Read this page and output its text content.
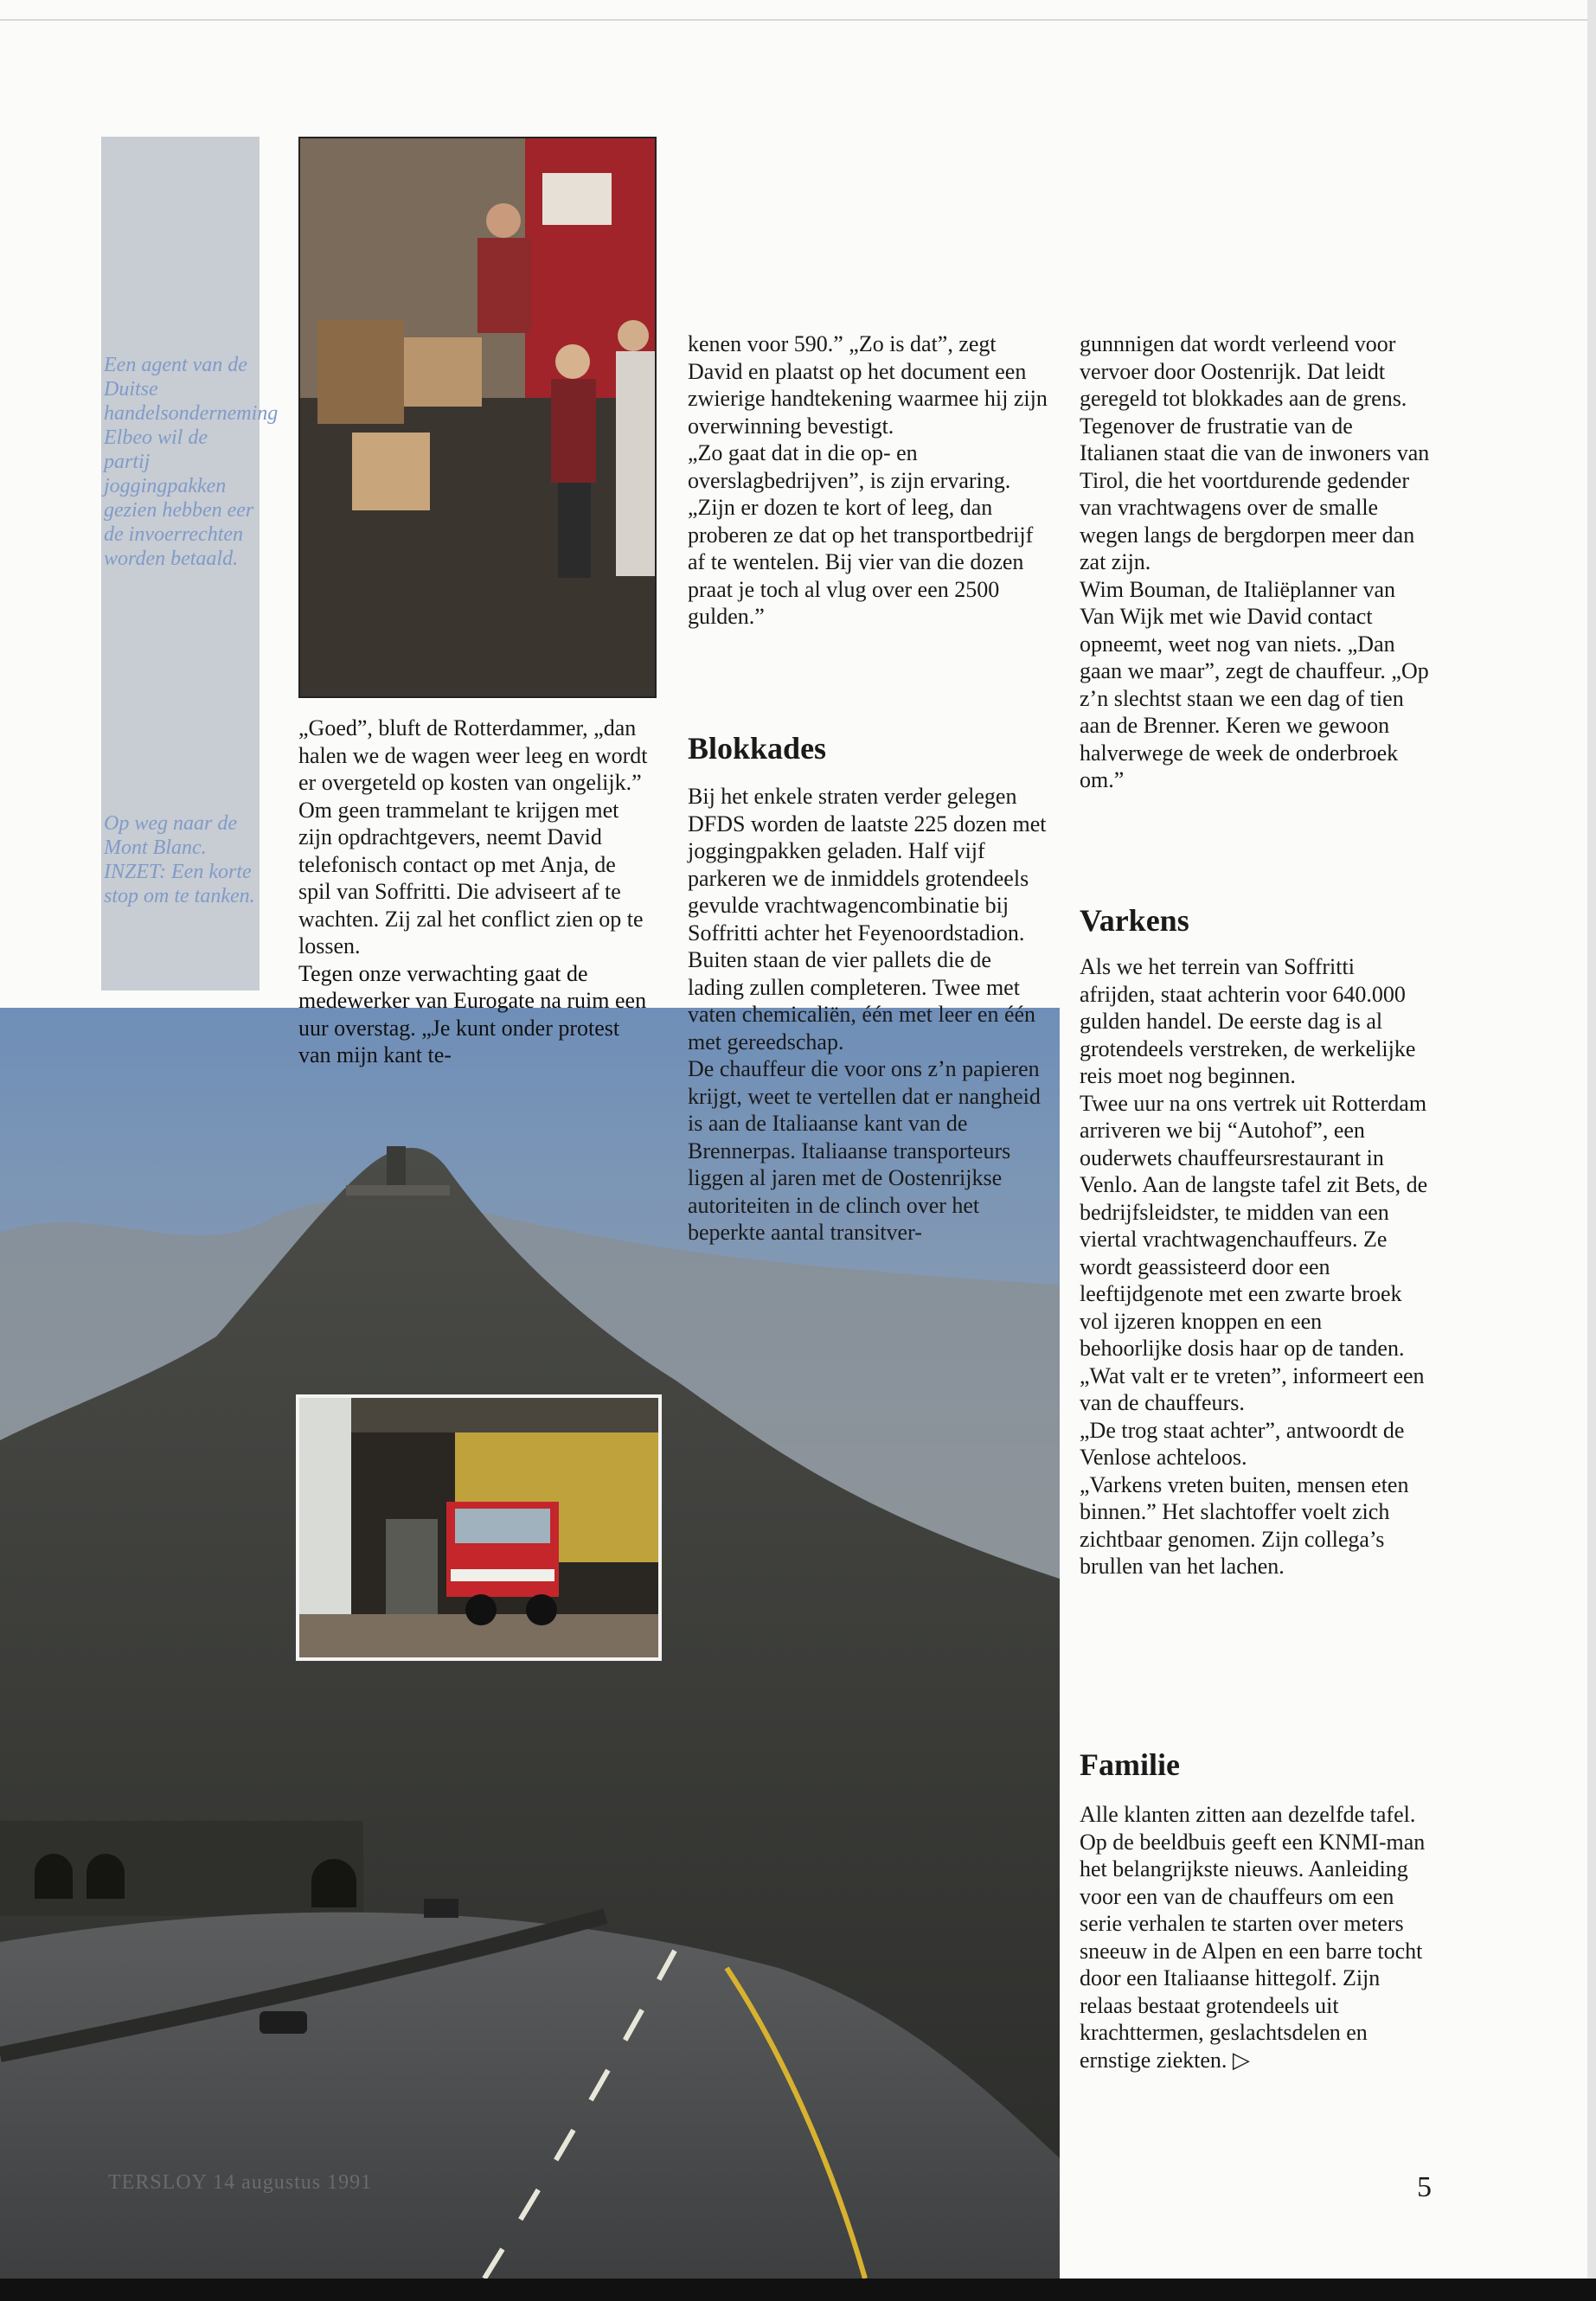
Een agent van de Duitse handelsonderneming Elbeo wil de partij joggingpakken gezien hebben eer de invoerrechten worden betaald.
Op weg naar de Mont Blanc. INZET: Een korte stop om te tanken.

„Goed”, bluft de Rotterdammer, „dan halen we de wagen weer leeg en wordt er overgeteld op kosten van ongelijk.” Om geen trammelant te krijgen met zijn opdrachtgevers, neemt David telefonisch contact op met Anja, de spil van Soffritti. Die adviseert af te wachten. Zij zal het conflict zien op te lossen.

Tegen onze verwachting gaat de medewerker van Eurogate na ruim een uur overstag. „Je kunt onder protest van mijn kant te-

kenen voor 590.” „Zo is dat”, zegt David en plaatst op het document een zwierige handtekening waarmee hij zijn overwinning bevestigt.

„Zo gaat dat in die op- en overslagbedrijven”, is zijn ervaring. „Zijn er dozen te kort of leeg, dan proberen ze dat op het transportbedrijf af te wentelen. Bij vier van die dozen praat je toch al vlug over een 2500 gulden.”

Blokkades

Bij het enkele straten verder gelegen DFDS worden de laatste 225 dozen met joggingpakken geladen. Half vijf parkeren we de inmiddels grotendeels gevulde vrachtwagencombinatie bij Soffritti achter het Feyenoordstadion. Buiten staan de vier pallets die de lading zullen completeren. Twee met vaten chemicaliën, één met leer en één met gereedschap.

De chauffeur die voor ons z’n papieren krijgt, weet te vertellen dat er nangheid is aan de Italiaanse kant van de Brennerpas. Italiaanse transporteurs liggen al jaren met de Oostenrijkse autoriteiten in de clinch over het beperkte aantal transitver-

gunnnigen dat wordt verleend voor vervoer door Oostenrijk. Dat leidt geregeld tot blokkades aan de grens. Tegenover de frustratie van de Italianen staat die van de inwoners van Tirol, die het voortdurende gedender van vrachtwagens over de smalle wegen langs de bergdorpen meer dan zat zijn.

Wim Bouman, de Italiëplanner van Van Wijk met wie David contact opneemt, weet nog van niets. „Dan gaan we maar”, zegt de chauffeur. „Op z’n slechtst staan we een dag of tien aan de Brenner. Keren we gewoon halverwege de week de onderbroek om.”

Varkens

Als we het terrein van Soffritti afrijden, staat achterin voor 640.000 gulden handel. De eerste dag is al grotendeels verstreken, de werkelijke reis moet nog beginnen.

Twee uur na ons vertrek uit Rotterdam arriveren we bij “Autohof”, een ouderwets chauffeursrestaurant in Venlo. Aan de langste tafel zit Bets, de bedrijfsleidster, te midden van een viertal vrachtwagenchauffeurs. Ze wordt geassisteerd door een leeftijdgenote met een zwarte broek vol ijzeren knoppen en een behoorlijke dosis haar op de tanden.

„Wat valt er te vreten”, informeert een van de chauffeurs.

„De trog staat achter”, antwoordt de Venlose achteloos.

„Varkens vreten buiten, mensen eten binnen.” Het slachtoffer voelt zich zichtbaar genomen. Zijn collega’s brullen van het lachen.

Familie

Alle klanten zitten aan dezelfde tafel. Op de beeldbuis geeft een KNMI-man het belangrijkste nieuws. Aanleiding voor een van de chauffeurs om een serie verhalen te starten over meters sneeuw in de Alpen en een barre tocht door een Italiaanse hittegolf. Zijn relaas bestaat grotendeels uit krachttermen, geslachtsdelen en ernstige ziekten. ▷

TERSLOY 14 augustus 1991	5
